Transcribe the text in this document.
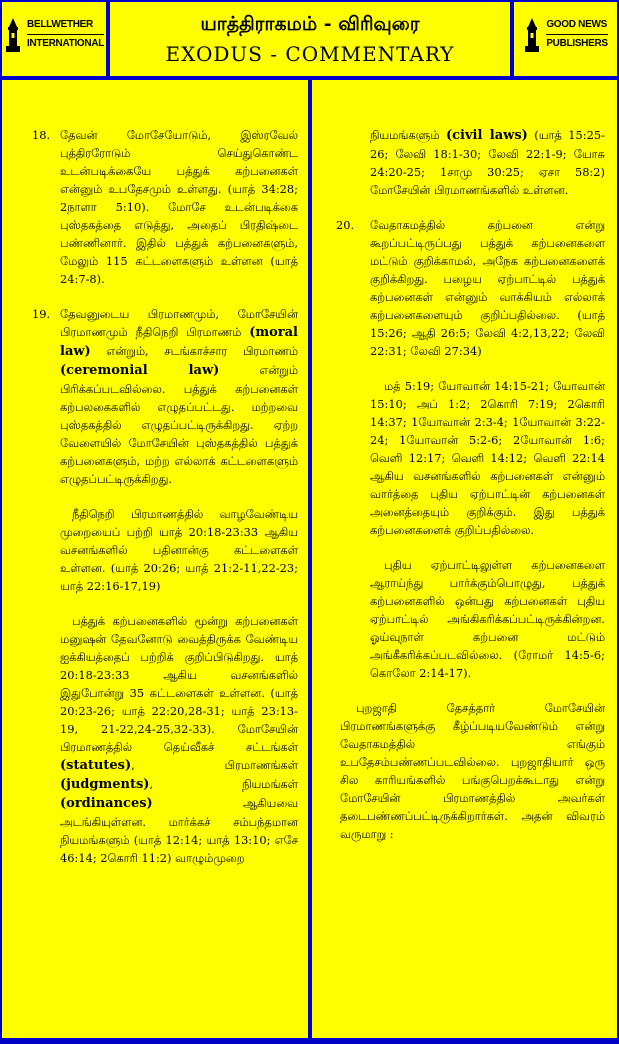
BELLWETHER
INTERNATIONAL
யாத்திராகமம் - விரிவுரை
EXODUS - COMMENTARY

GOOD NEWS
PUBLISHERS
18. தேவன் மோசேயோடும், இஸ்ரவேல் புத்திரரோடும் செய்துகொண்ட உடன்படிக்கையே பத்துக் கற்பனைகள் என்னும் உபதேசமும் உள்ளது. (யாத் 34:28; 2நாளா 5:10). மோசே உடன்படிக்கை புஸ்தகத்தை எடுத்து, அதைப் பிரதிஷ்டை பண்ணினார். இதில் பத்துக் கற்பனைகளும், மேலும் 115 கட்டளைகளும் உள்ளன (யாத் 24:7-8).

19. தேவனுடைய பிரமாணமும், மோசேயின் பிரமாணமும் நீதிநெறி பிரமாணம் (moral law) என்றும், சடங்காச்சார பிரமாணம் (ceremonial law)	என்றும் பிரிக்கப்படவில்லை. பத்துக் கற்பனைகள் கற்பலகைகளில் எழுதப்பட்டது. மற்றவை புஸ்தகத்தில் எழுதப்பட்டிருக்கிறது. ஏற்ற வேளையில் மோசேயின் புஸ்தகத்தில் பத்துக் கற்பனைகளும், மற்ற எல்லாக் கட்டளைகளும் எழுதப்பட்டிருக்கிறது.

நீதிநெறி பிரமாணத்தில் வாழவேண்டிய முறையைப் பற்றி யாத் 20:18-23:33 ஆகிய வசனங்களில் பதினான்கு கட்டளைகள் உள்ளன. (யாத் 20:26; யாத் 21:2-11,22-23; யாத் 22:16-17,19)

பத்துக் கற்பனைகளில் மூன்று கற்பனைகள் மனுஷன் தேவனோடு வைத்திருக்க வேண்டிய ஐக்கியத்தைப் பற்றிக் குறிப்பிடுகிறது. யாத் 20:18-23:33 ஆகிய வசனங்களில் இதுபோன்று 35 கட்டளைகள் உள்ளன. (யாத் 20:23-26; யாத் 22:20,28-31; யாத் 23:13-19, 21-22,24-25,32-33). மோசேயின் பிரமாணத்தில் தெய்வீகச் சட்டங்கள் (statutes), பிரமாணங்கள் (judgments), நியமங்கள் (ordinances)	ஆகியவை அடங்கியுள்ளன. மார்க்கச் சம்பந்தமான நியமங்களும் (யாத் 12:14; யாத் 13:10; எசே 46:14; 2கொரி 11:2) வாழும்முறை

நியமங்களும் (civil laws) (யாத் 15:25-26; லேவி 18:1-30; லேவி 22:1-9; யோசு 24:20-25; 1சாமு 30:25; ஏசா 58:2) மோசேயின் பிரமாணங்களில் உள்ளன.

20. வேதாகமத்தில் கற்பனை என்று கூறப்பட்டிருப்பது பத்துக் கற்பனைகளை மட்டும் குறிக்காமல், அநேக கற்பனைகளைக் குறிக்கிறது. பழைய ஏற்பாட்டில் பத்துக் கற்பனைகள் என்னும் வாக்கியம் எல்லாக் கற்பனைகளையும் குறிப்பதில்லை. (யாத் 15:26; ஆதி 26:5; லேவி 4:2,13,22; லேவி 22:31; லேவி 27:34)

மத் 5:19; யோவான் 14:15-21; யோவான் 15:10; அப் 1:2; 2கொரி 7:19; 2கொரி 14:37; 1யோவான் 2:3-4; 1யோவான் 3:22-24; 1யோவான் 5:2-6; 2யோவான் 1:6; வெளி 12:17; வெளி 14:12; வெளி 22:14 ஆகிய வசனங்களில் கற்பனைகள் என்னும் வார்த்தை புதிய ஏற்பாட்டின் கற்பனைகள் அனைத்தையும் குறிக்கும். இது பத்துக் கற்பனைகளைக் குறிப்பதில்லை.

புதிய ஏற்பாட்டிலுள்ள கற்பனைகளை ஆராய்ந்து பார்க்கும்பொழுது, பத்துக் கற்பனைகளில் ஒன்பது கற்பனைகள் புதிய ஏற்பாட்டில் அங்கிகரிக்கப்பட்டிருக்கின்றன. ஓய்வுநாள் கற்பனை மட்டும் அங்கீகரிக்கப்படவில்லை. (ரோமர் 14:5-6; கொலோ 2:14-17).

புறஜாதி தேசத்தார் மோசேயின் பிரமாணங்களுக்கு கீழ்ப்படியவேண்டும் என்று வேதாகமத்தில் எங்கும் உபதேசம்பண்ணப்படவில்லை. புறஜாதியார் ஒரு சில காரியங்களில் பங்குபெறக்கூடாது என்று மோசேயின் பிரமாணத்தில் அவர்கள் தடைபண்ணப்பட்டிருக்கிறார்கள். அதன் விவரம் வருமாறு :
